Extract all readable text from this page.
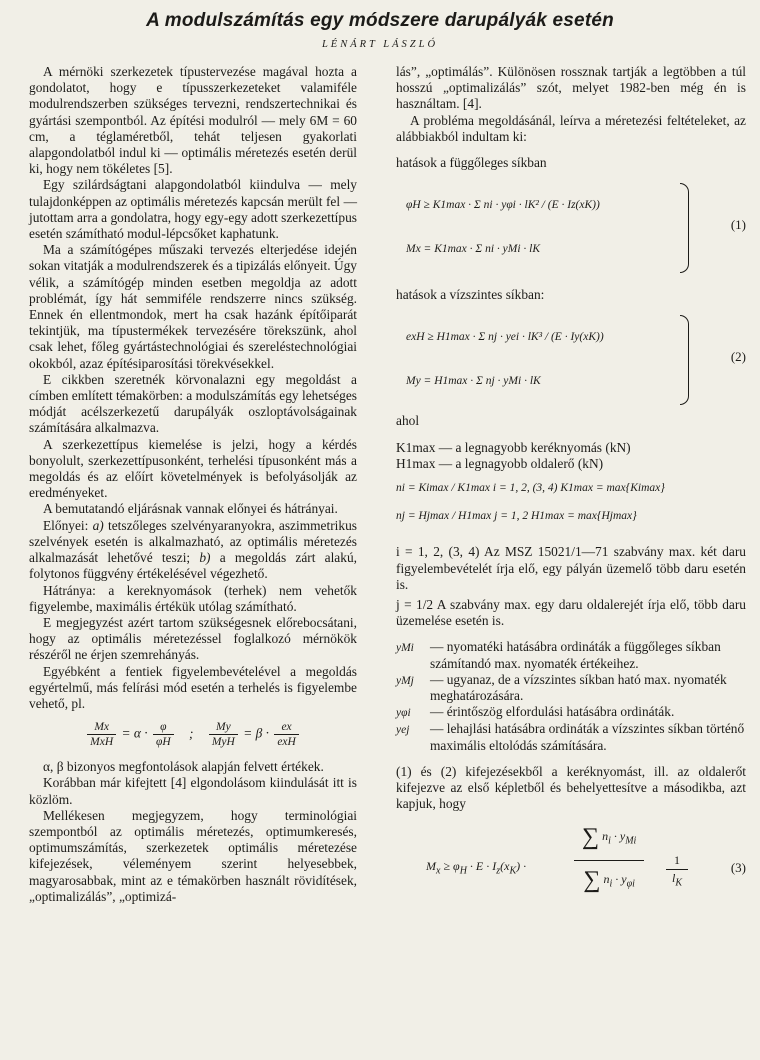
A modulszámítás egy módszere darupályák esetén
LÉNÁRT LÁSZLÓ

A mérnöki szerkezetek típustervezése magával hozta a gondolatot, hogy e típusszerkezeteket valamiféle modulrendszerben szükséges tervezni, rendszertechnikai és gyártási szempontból. Az építési modulról — mely 6M = 60 cm, a téglaméretből, tehát teljesen gyakorlati alapgondolatból indul ki — optimális méretezés esetén derül ki, hogy nem tökéletes [5].

Egy szilárdságtani alapgondolatból kiindulva — mely tulajdonképpen az optimális méretezés kapcsán merült fel — jutottam arra a gondolatra, hogy egy-egy adott szerkezettípus esetén számítható modul-lépcsőket kaphatunk.

Ma a számítógépes műszaki tervezés elterjedése idején sokan vitatják a modulrendszerek és a tipizálás előnyeit. Úgy vélik, a számítógép minden esetben megoldja az adott problémát, így hát semmiféle rendszerre nincs szükség. Ennek én ellentmondok, mert ha csak hazánk építőiparát tekintjük, ma típustermékek tervezésére törekszünk, ahol csak lehet, főleg gyártástechnológiai és szereléstechnológiai okokból, azaz építésiparosítási törekvésekkel.

E cikkben szeretnék körvonalazni egy megoldást a címben említett témakörben: a modulszámítás egy lehetséges módját acélszerkezetű darupályák oszloptávolságainak számítására alkalmazva.

A szerkezettípus kiemelése is jelzi, hogy a kérdés bonyolult, szerkezettípusonként, terhelési típusonként más a megoldás és az előírt követelmények is befolyásolják az eredményeket.

A bemutatandó eljárásnak vannak előnyei és hátrányai.

Előnyei: a) tetszőleges szelvényaranyokra, aszimmetrikus szelvények esetén is alkalmazható, az optimális méretezés alkalmazását lehetővé teszi; b) a megoldás zárt alakú, folytonos függvény értékelésével végezhető.

Hátránya: a kereknyomások (terhek) nem vehetők figyelembe, maximális értékük utólag számítható.

E megjegyzést azért tartom szükségesnek előrebocsátani, hogy az optimális méretezéssel foglalkozó mérnökök részéről ne érjen szemrehányás.

Egyébként a fentiek figyelembevételével a megoldás egyértelmű, más felírási mód esetén a terhelés is figyelembe vehető, pl.

$\frac{Mx}{\text{MxH}} = \alpha \cdot \frac{\varphi}{\varphi H}$ ; $\frac{My}{\text{MyH}} = \beta \cdot \frac{ex}{\text{exH}}$

α, β bizonyos megfontolások alapján felvett értékek.

Korábban már kifejtett [4] elgondolásom kiindulását itt is közlöm.

Mellékesen megjegyzem, hogy terminológiai szempontból az optimális méretezés, optimumkeresés, optimumszámítás, szerkezetek optimális méretezése kifejezések, véleményem szerint helyesebbek, magyarosabbak, mint az e témakörben használt rövidítések, „optimalizálás”, „optimizá-

lás”, „optimálás”. Különösen rossznak tartják a legtöbben a túl hosszú „optimalizálás” szót, melyet 1982-ben még én is használtam. [4].

A probléma megoldásánál, leírva a méretezési feltételeket, az alábbiakból indultam ki:

hatások a függőleges síkban

φH ≥ K1max · Σ ni · yφi · lK² / (E · Iz(xK))
Mx = K1max · Σ ni · yMi · lK
(1)

hatások a vízszintes síkban:

exH ≥ H1max · Σ nj · yei · lK³ / (E · Iy(xK))
My = H1max · Σ nj · yMi · lK
(2)

ahol

K1max — a legnagyobb keréknyomás (kN)

H1max — a legnagyobb oldalerő (kN)

ni = Kimax / K1max i = 1, 2, (3, 4) K1max = max{Kimax}

nj = Hjmax / H1max j = 1, 2 H1max = max{Hjmax}

i = 1, 2, (3, 4) Az MSZ 15021/1—71 szabvány max. két daru figyelembevételét írja elő, egy pályán üzemelő több daru esetén is.

j = 1/2 A szabvány max. egy daru oldalerejét írja elő, több daru üzemelése esetén is.

yMi	— nyomatéki hatásábra ordináták a függőleges síkban számítandó max. nyomaték értékeihez.
yMj	— ugyanaz, de a vízszintes síkban ható max. nyomaték meghatározására.
yφi	— érintőszög elfordulási hatásábra ordináták.
yej	— lehajlási hatásábra ordináták a vízszintes síkban történő maximális eltolódás számítására.

(1) és (2) kifejezésekből a keréknyomást, ill. az oldalerőt kifejezve az első képletből és behelyettesítve a másodikba, azt kapjuk, hogy

$M_x \ge \varphi_H \cdot E \cdot I_z(x_K)$ ·
∑ $n_i \cdot y_{Mi}$
∑ $n_i \cdot y_{\varphi i}$
1
$l_K$
(3)
